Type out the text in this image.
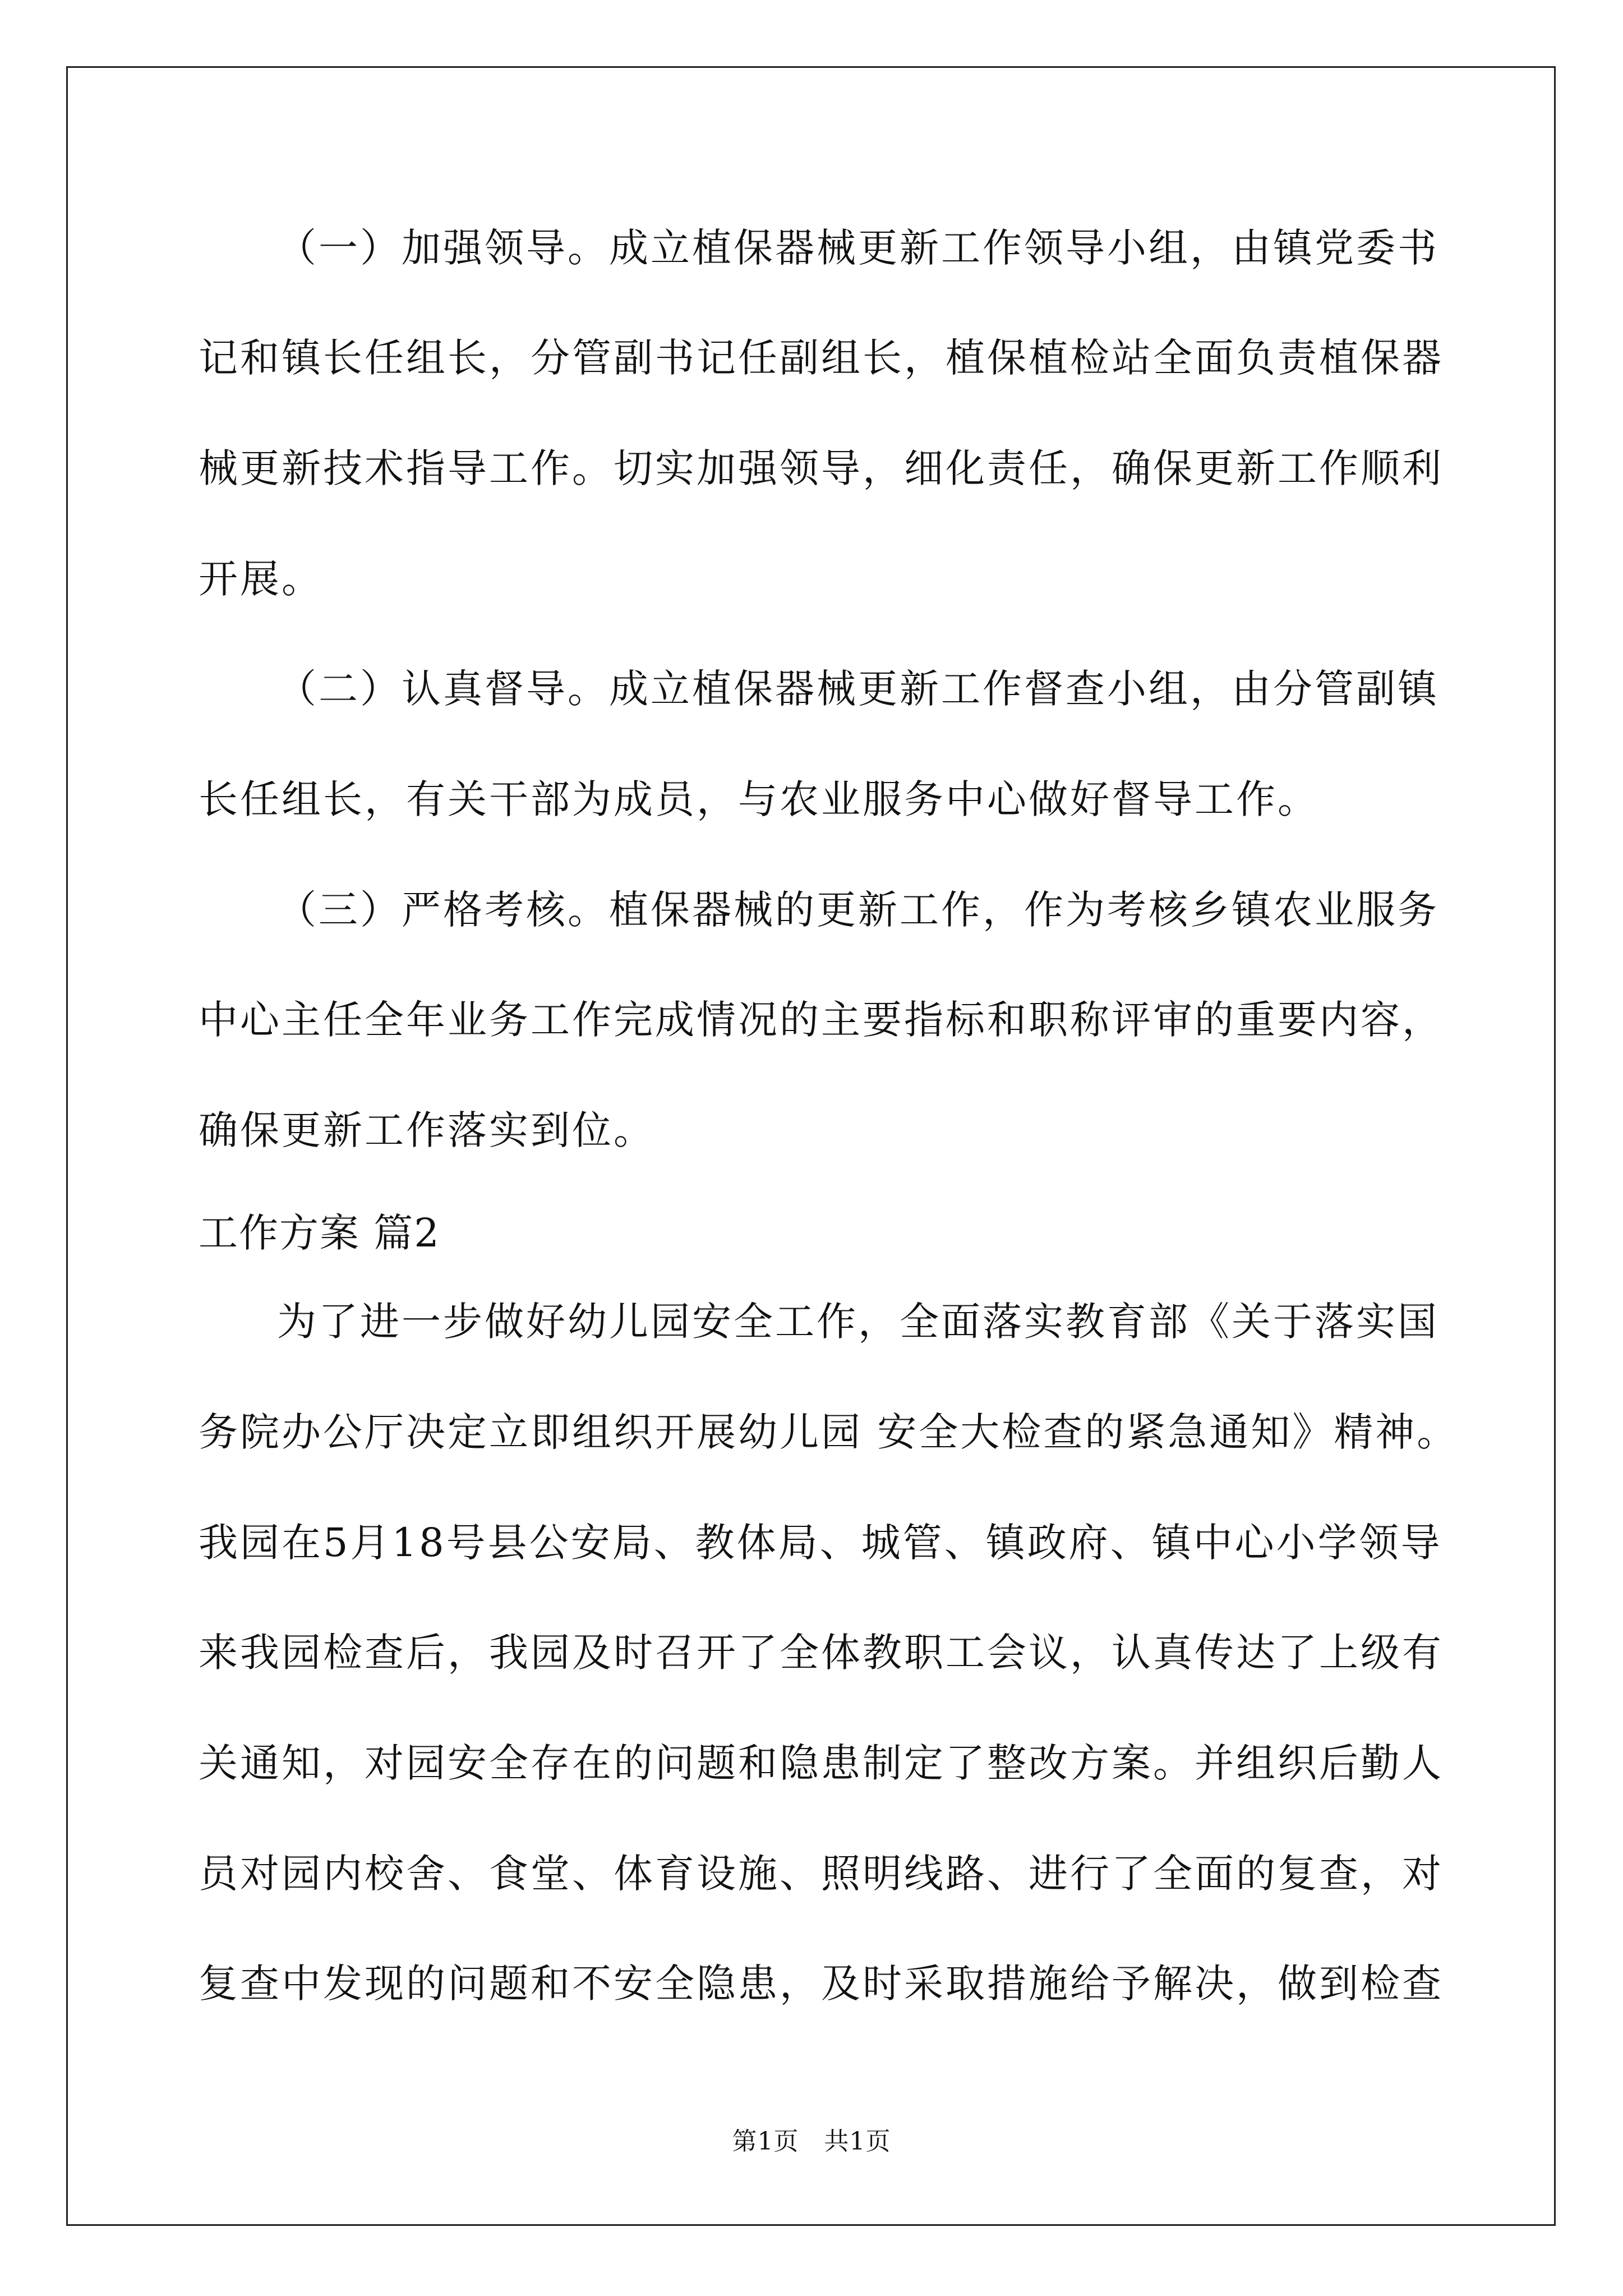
（一）加强领导。成立植保器械更新工作领导小组，由镇党委书
记和镇长任组长，分管副书记任副组长，植保植检站全面负责植保器
械更新技术指导工作。切实加强领导，细化责任，确保更新工作顺利
开展。
（二）认真督导。成立植保器械更新工作督查小组，由分管副镇
长任组长，有关干部为成员，与农业服务中心做好督导工作。
（三）严格考核。植保器械的更新工作，作为考核乡镇农业服务
中心主任全年业务工作完成情况的主要指标和职称评审的重要内容，
确保更新工作落实到位。
工作方案 篇2
为了进一步做好幼儿园安全工作，全面落实教育部《关于落实国
务院办公厅决定立即组织开展幼儿园 安全大检查的紧急通知》精神。
我园在5月18号县公安局、教体局、城管、镇政府、镇中心小学领导
来我园检查后，我园及时召开了全体教职工会议，认真传达了上级有
关通知，对园安全存在的问题和隐患制定了整改方案。并组织后勤人
员对园内校舍、食堂、体育设施、照明线路、进行了全面的复查，对
复查中发现的问题和不安全隐患，及时采取措施给予解决，做到检查
第1页　共1页
